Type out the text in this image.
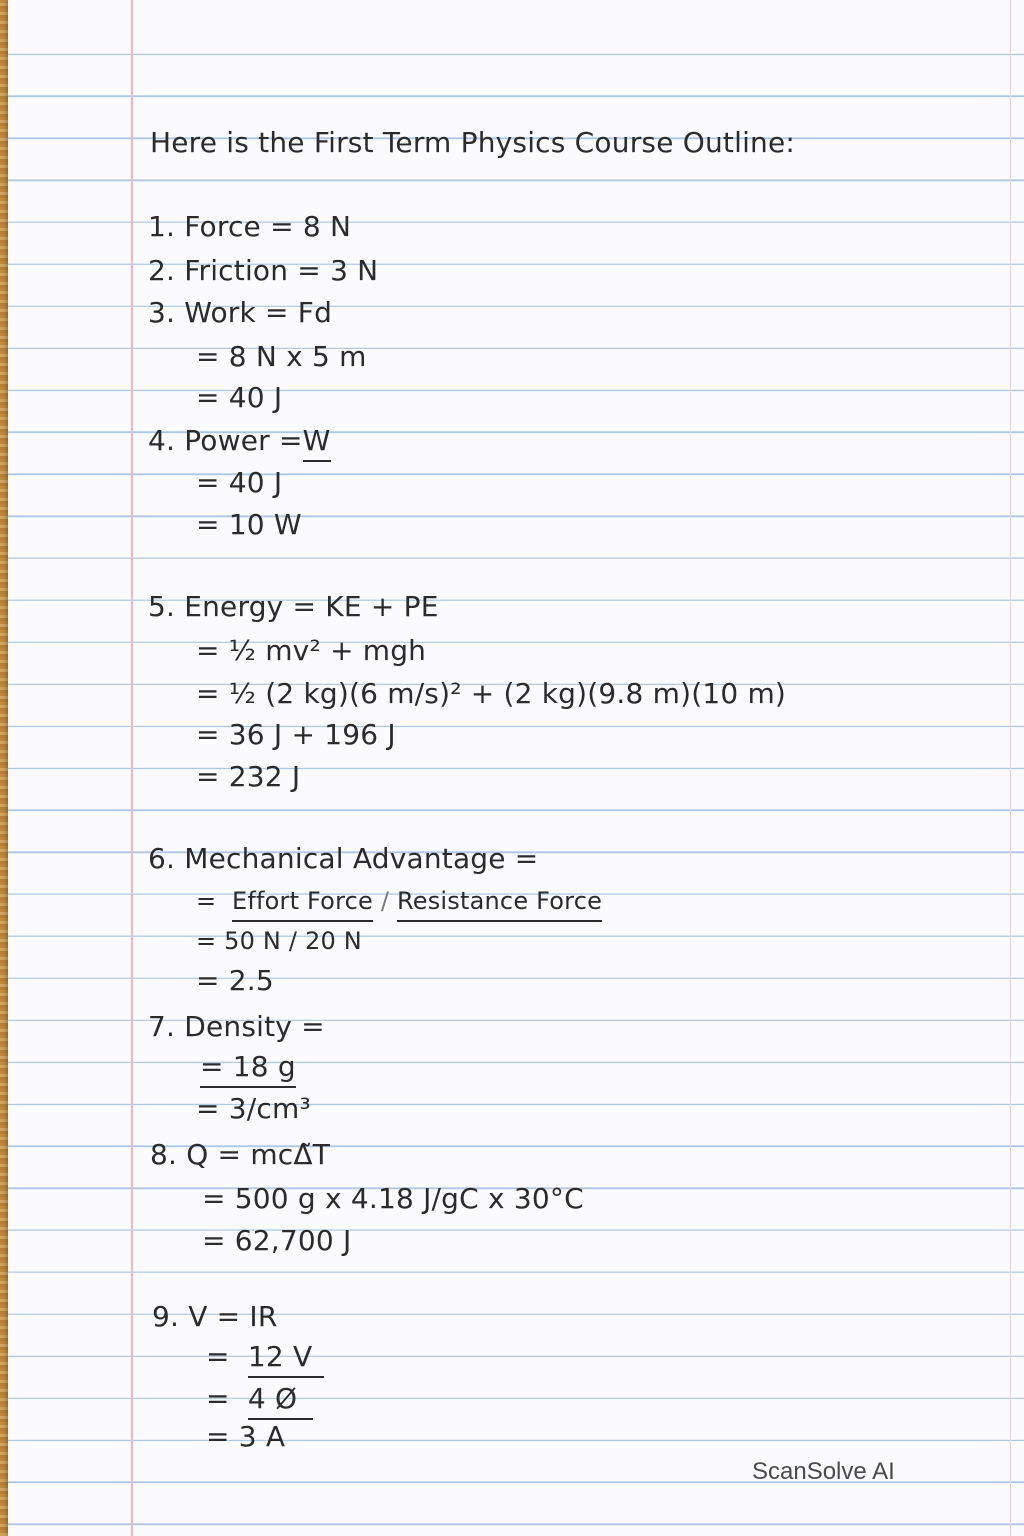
Here is the First Term Physics Course Outline:
1. Force = 8 N
2. Friction = 3 N
3. Work = Fd
= 8 N x 5 m
= 40 J
4. Power =W
= 40 J
= 10 W
5. Energy = KE + PE
= ½ mv² + mgh
= ½ (2 kg)(6 m/s)² + (2 kg)(9.8 m)(10 m)
= 36 J + 196 J
= 232 J
6. Mechanical Advantage =
= Effort Force / Resistance Force
= 50 N / 20 N
= 2.5
7. Density =
= 18 g
= 3/cm³
8. Q = mcΔ̃T
= 500 g x 4.18 J/gC x 30°C
= 62,700 J
9. V = IR
= 12 V
= 4 Ø
= 3 A
ScanSolve AI
